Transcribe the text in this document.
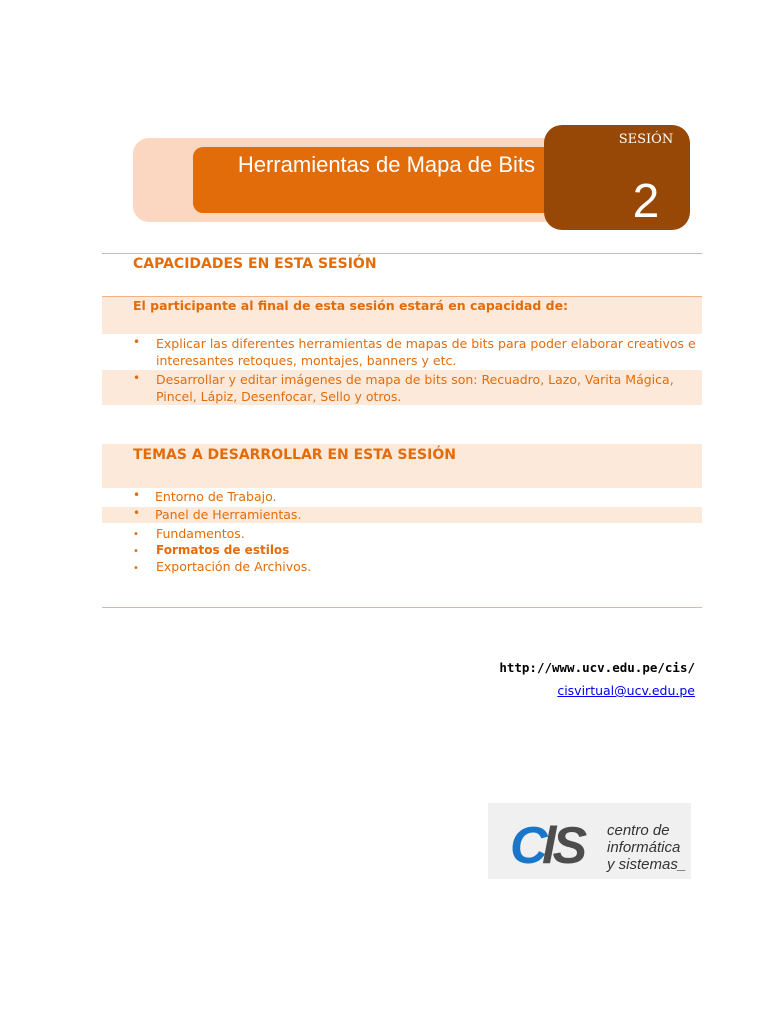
Herramientas de Mapa de Bits
SESIÓN
2
CAPACIDADES EN ESTA SESIÓN
El participante al final de esta sesión estará en capacidad de:
• Explicar las diferentes herramientas de mapas de bits para poder elaborar creativos e interesantes retoques, montajes, banners y etc.
• Desarrollar y editar imágenes de mapa de bits son: Recuadro, Lazo, Varita Mágica, Pincel, Lápiz, Desenfocar, Sello y otros.
TEMAS A DESARROLLAR EN ESTA SESIÓN
• Entorno de Trabajo.
• Panel de Herramientas.
• Fundamentos.
• Formatos de estilos
• Exportación de Archivos.
http://www.ucv.edu.pe/cis/
cisvirtual@ucv.edu.pe
C lS centro de
informática
y sistemas_
